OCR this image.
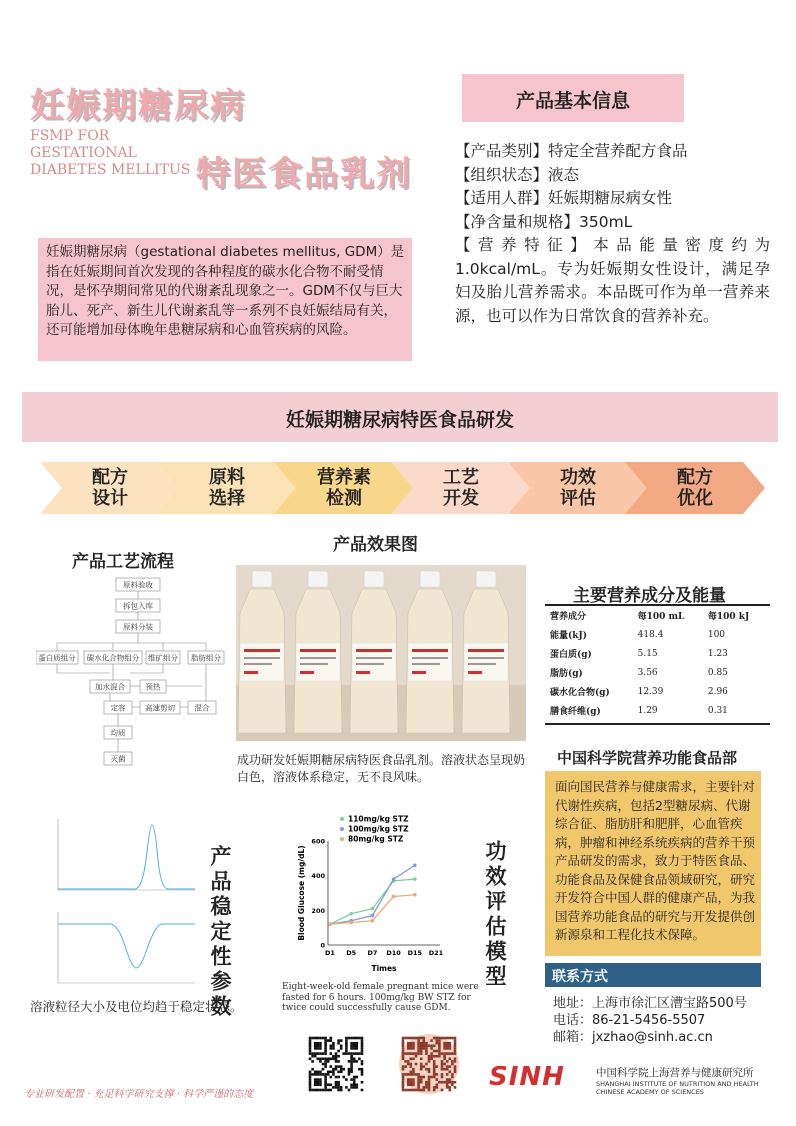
妊娠期糖尿病
FSMP FOR
GESTATIONAL
DIABETES MELLITUS 特医食品乳剂
产品基本信息

【产品类别】特定全营养配方食品

【组织状态】液态

【适用人群】妊娠期糖尿病女性

【净含量和规格】350mL

【营养特征】本品能量密度约为1.0kcal/mL。专为妊娠期女性设计，满足孕妇及胎儿营养需求。本品既可作为单一营养来源，也可以作为日常饮食的营养补充。

妊娠期糖尿病（gestational diabetes mellitus, GDM）是指在妊娠期间首次发现的各种程度的碳水化合物不耐受情况，是怀孕期间常见的代谢紊乱现象之一。GDM不仅与巨大胎儿、死产、新生儿代谢紊乱等一系列不良妊娠结局有关，还可能增加母体晚年患糖尿病和心血管疾病的风险。
妊娠期糖尿病特医食品研发
配方
设计
原料
选择
营养素
检测
工艺
开发
功效
评估
配方
优化
产品工艺流程
原料验收
拆包入库
原料分装
蛋白质组分 碳水化合物组分 维矿组分 脂肪组分
加水混合	预热
定容	高速剪切	混合
均质
灭菌
产品效果图
成功研发妊娠期糖尿病特医食品乳剂。溶液状态呈现奶白色，溶液体系稳定，无不良风味。
主要营养成分及能量
营养成分	每100 mL	每100 kJ
能量(kJ)	418.4	100
蛋白质(g)	5.15	1.23
脂肪(g)	3.56	0.85
碳水化合物(g)	12.39	2.96
膳食纤维(g)	1.29	0.31
中国科学院营养功能食品部
面向国民营养与健康需求，主要针对代谢性疾病，包括2型糖尿病、代谢综合征、脂肪肝和肥胖，心血管疾病，肿瘤和神经系统疾病的营养干预产品研发的需求，致力于特医食品、功能食品及保健食品领域研究，研究开发符合中国人群的健康产品，为我国营养功能食品的研究与开发提供创新源泉和工程化技术保障。
联系方式
地址：上海市徐汇区漕宝路500号
电话：86-21-5456-5507
邮箱：jxzhao@sinh.ac.cn
产品稳定性参数
溶液粒径大小及电位均趋于稳定状态。
0
200
400
600
D1 D5 D7 D10 D15 D21
Times
Blood Glucose (mg/dL)
110mg/kg STZ
100mg/kg STZ
80mg/kg STZ
功效评估模型
Eight-week-old female pregnant mice were fasted for 6 hours. 100mg/kg BW STZ for twice could successfully cause GDM.
专业研发配置 · 充足科学研究支撑 · 科学严谨的态度
SINH	中国科学院上海营养与健康研究所
SHANGHAI INSTITUTE OF NUTRITION AND HEALTH
CHINESE ACADEMY OF SCIENCES
